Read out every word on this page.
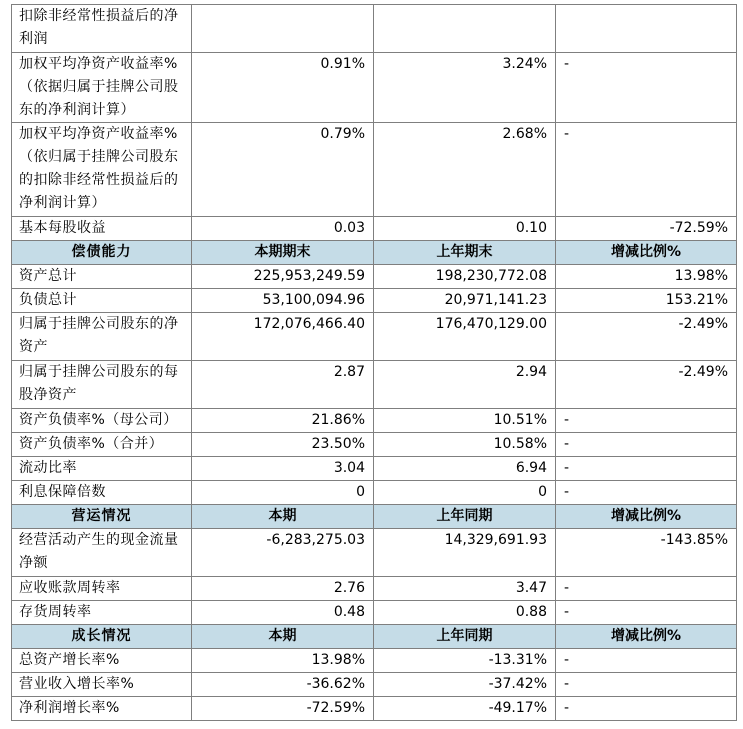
扣除非经常性损益后的净利润			
加权平均净资产收益率%（依据归属于挂牌公司股东的净利润计算）	0.91%	3.24%	-
加权平均净资产收益率%（依归属于挂牌公司股东的扣除非经常性损益后的净利润计算）	0.79%	2.68%	-
基本每股收益	0.03	0.10	-72.59%
偿债能力	本期期末	上年期末	增减比例%
资产总计	225,953,249.59	198,230,772.08	13.98%
负债总计	53,100,094.96	20,971,141.23	153.21%
归属于挂牌公司股东的净资产	172,076,466.40	176,470,129.00	-2.49%
归属于挂牌公司股东的每股净资产	2.87	2.94	-2.49%
资产负债率%（母公司）	21.86%	10.51%	-
资产负债率%（合并）	23.50%	10.58%	-
流动比率	3.04	6.94	-
利息保障倍数	0	0	-
营运情况	本期	上年同期	增减比例%
经营活动产生的现金流量净额	-6,283,275.03	14,329,691.93	-143.85%
应收账款周转率	2.76	3.47	-
存货周转率	0.48	0.88	-
成长情况	本期	上年同期	增减比例%
总资产增长率%	13.98%	-13.31%	-
营业收入增长率%	-36.62%	-37.42%	-
净利润增长率%	-72.59%	-49.17%	-
